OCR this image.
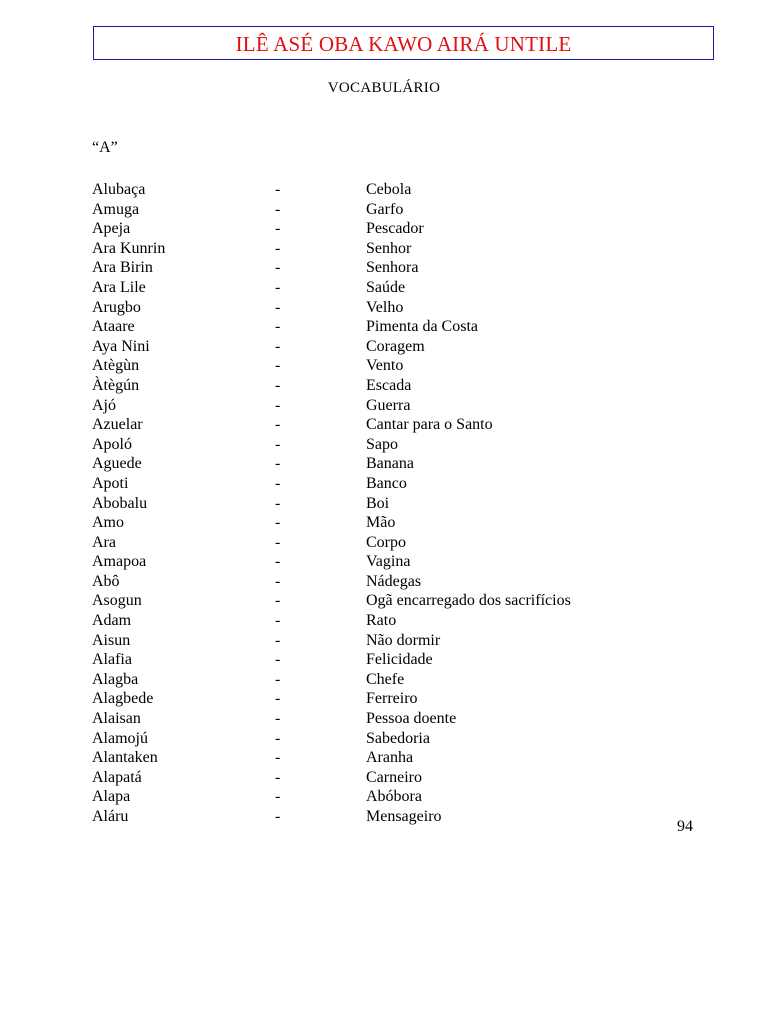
ILÊ ASÉ OBA KAWO AIRÁ UNTILE
VOCABULÁRIO
“A”
Alubaça	-	Cebola
Amuga	-	Garfo
Apeja	-	Pescador
Ara Kunrin	-	Senhor
Ara Birin	-	Senhora
Ara Lile	-	Saúde
Arugbo	-	Velho
Ataare	-	Pimenta da Costa
Aya Nini	-	Coragem
Atègùn	-	Vento
Àtègún	-	Escada
Ajó	-	Guerra
Azuelar	-	Cantar para o Santo
Apoló	-	Sapo
Aguede	-	Banana
Apoti	-	Banco
Abobalu	-	Boi
Amo	-	Mão
Ara	-	Corpo
Amapoa	-	Vagina
Abô	-	Nádegas
Asogun	-	Ogã encarregado dos sacrifícios
Adam	-	Rato
Aisun	-	Não dormir
Alafia	-	Felicidade
Alagba	-	Chefe
Alagbede	-	Ferreiro
Alaisan	-	Pessoa doente
Alamojú	-	Sabedoria
Alantaken	-	Aranha
Alapatá	-	Carneiro
Alapa	-	Abóbora
Aláru	-	Mensageiro
94
